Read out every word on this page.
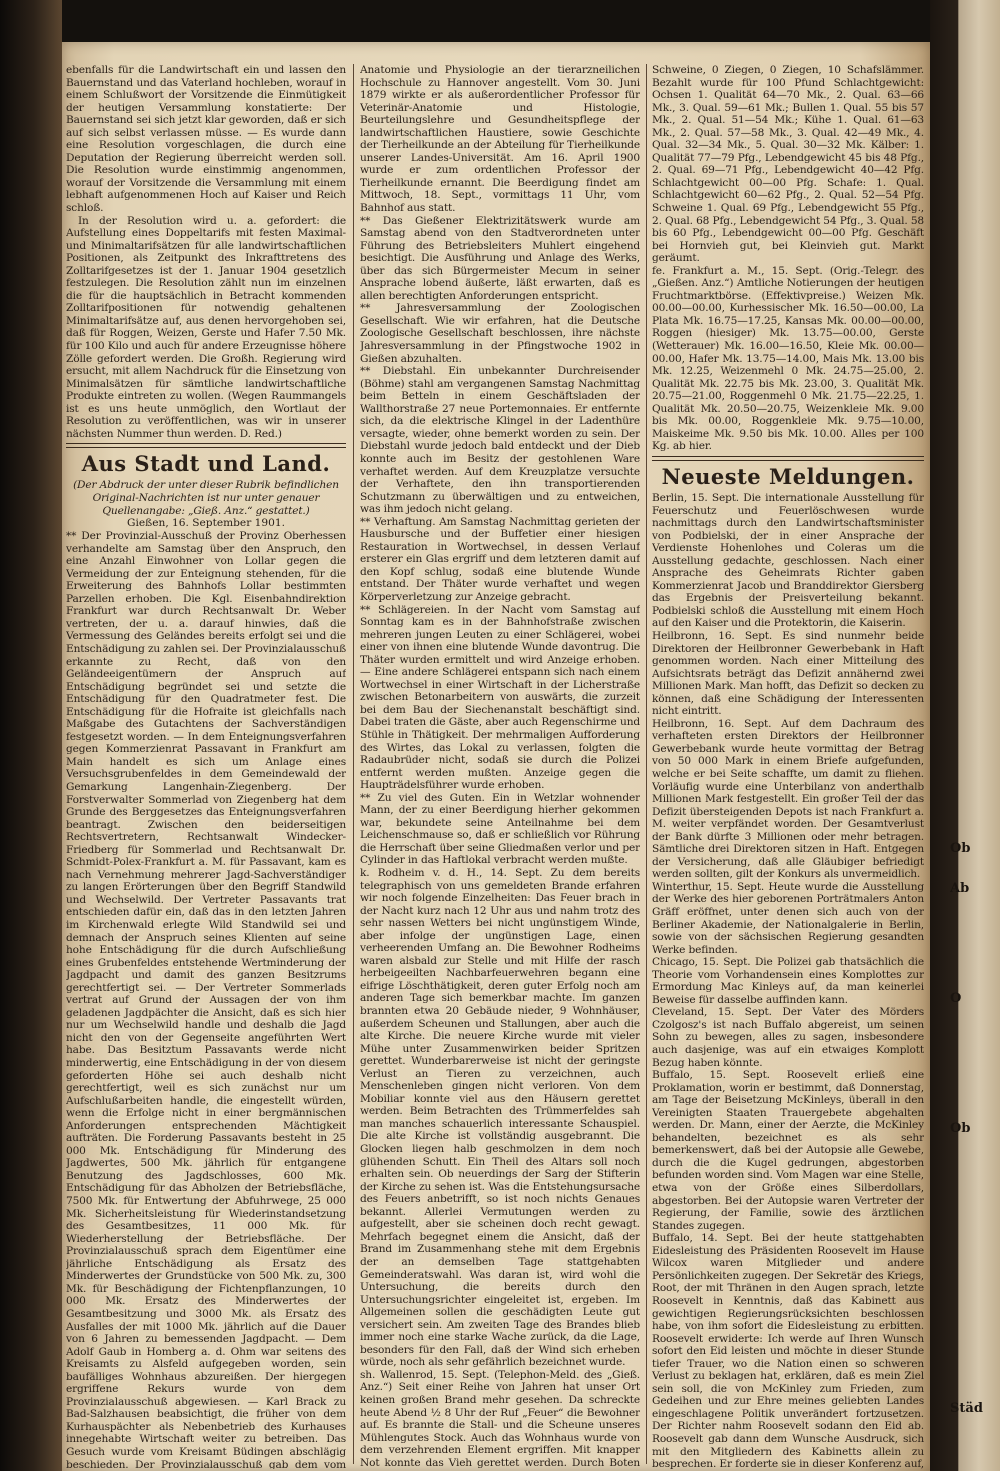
ebenfalls für die Landwirtschaft ein und lassen den Bauernstand und das Vaterland hochleben, worauf in einem Schlußwort der Vorsitzende die Einmütigkeit der heutigen Versammlung konstatierte: Der Bauernstand sei sich jetzt klar geworden, daß er sich auf sich selbst verlassen müsse. — Es wurde dann eine Resolution vorgeschlagen, die durch eine Deputation der Regierung überreicht werden soll. Die Resolution wurde einstimmig angenommen, worauf der Vorsitzende die Versammlung mit einem lebhaft aufgenommenen Hoch auf Kaiser und Reich schloß.

In der Resolution wird u. a. gefordert: die Aufstellung eines Doppeltarifs mit festen Maximal- und Minimaltarifsätzen für alle landwirtschaftlichen Positionen, als Zeitpunkt des Inkrafttretens des Zolltarifgesetzes ist der 1. Januar 1904 gesetzlich festzulegen. Die Resolution zählt nun im einzelnen die für die hauptsächlich in Betracht kommenden Zolltarifpositionen für notwendig gehaltenen Minimaltarifsätze auf, aus denen hervorgehoben sei, daß für Roggen, Weizen, Gerste und Hafer 7.50 Mk. für 100 Kilo und auch für andere Erzeugnisse höhere Zölle gefordert werden. Die Großh. Regierung wird ersucht, mit allem Nachdruck für die Einsetzung von Minimalsätzen für sämtliche landwirtschaftliche Produkte eintreten zu wollen. (Wegen Raummangels ist es uns heute unmöglich, den Wortlaut der Resolution zu veröffentlichen, was wir in unserer nächsten Nummer thun werden. D. Red.)

Aus Stadt und Land.

(Der Abdruck der unter dieser Rubrik befindlichen Original-Nachrichten ist nur unter genauer Quellenangabe: „Gieß. Anz.“ gestattet.)

Gießen, 16. September 1901.

** Der Provinzial-Ausschuß der Provinz Oberhessen verhandelte am Samstag über den Anspruch, den eine Anzahl Einwohner von Lollar gegen die Vermeidung der zur Enteignung stehenden, für die Erweiterung des Bahnhofs Lollar bestimmten Parzellen erhoben. Die Kgl. Eisenbahndirektion Frankfurt war durch Rechtsanwalt Dr. Weber vertreten, der u. a. darauf hinwies, daß die Vermessung des Geländes bereits erfolgt sei und die Entschädigung zu zahlen sei. Der Provinzialausschuß erkannte zu Recht, daß von den Geländeeigentümern der Anspruch auf Entschädigung begründet sei und setzte die Entschädigung für den Quadratmeter fest. Die Entschädigung für die Hofraite ist gleichfalls nach Maßgabe des Gutachtens der Sachverständigen festgesetzt worden. — In dem Enteignungsverfahren gegen Kommerzienrat Passavant in Frankfurt am Main handelt es sich um Anlage eines Versuchsgrubenfeldes in dem Gemeindewald der Gemarkung Langenhain-Ziegenberg. Der Forstverwalter Sommerlad von Ziegenberg hat dem Grunde des Berggesetzes das Enteignungsverfahren beantragt. Zwischen den beiderseitigen Rechtsvertretern, Rechtsanwalt Windecker-Friedberg für Sommerlad und Rechtsanwalt Dr. Schmidt-Polex-Frankfurt a. M. für Passavant, kam es nach Vernehmung mehrerer Jagd-Sachverständiger zu langen Erörterungen über den Begriff Standwild und Wechselwild. Der Vertreter Passavants trat entschieden dafür ein, daß das in den letzten Jahren im Kirchenwald erlegte Wild Standwild sei und demnach der Anspruch seines Klienten auf seine hohe Entschädigung für die durch Aufschließung eines Grubenfeldes entstehende Wertminderung der Jagdpacht und damit des ganzen Besitzrums gerechtfertigt sei. — Der Vertreter Sommerlads vertrat auf Grund der Aussagen der von ihm geladenen Jagdpächter die Ansicht, daß es sich hier nur um Wechselwild handle und deshalb die Jagd nicht den von der Gegenseite angeführten Wert habe. Das Besitztum Passavants werde nicht minderwertig, eine Entschädigung in der von diesem geforderten Höhe sei auch deshalb nicht gerechtfertigt, weil es sich zunächst nur um Aufschlußarbeiten handle, die eingestellt würden, wenn die Erfolge nicht in einer bergmännischen Anforderungen entsprechenden Mächtigkeit aufträten. Die Forderung Passavants besteht in 25 000 Mk. Entschädigung für Minderung des Jagdwertes, 500 Mk. jährlich für entgangene Benutzung des Jagdschlosses, 600 Mk. Entschädigung für das Abholzen der Betriebsfläche, 7500 Mk. für Entwertung der Abfuhrwege, 25 000 Mk. Sicherheitsleistung für Wiederinstandsetzung des Gesamtbesitzes, 11 000 Mk. für Wiederherstellung der Betriebsfläche. Der Provinzialausschuß sprach dem Eigentümer eine jährliche Entschädigung als Ersatz des Minderwertes der Grundstücke von 500 Mk. zu, 300 Mk. für Beschädigung der Fichtenpflanzungen, 10 000 Mk. Ersatz des Minderwertes der Gesamtbesitzung und 3000 Mk. als Ersatz des Ausfalles der mit 1000 Mk. jährlich auf die Dauer von 6 Jahren zu bemessenden Jagdpacht. — Dem Adolf Gaub in Homberg a. d. Ohm war seitens des Kreisamts zu Alsfeld aufgegeben worden, sein baufälliges Wohnhaus abzureißen. Der hiergegen ergriffene Rekurs wurde von dem Provinzialausschuß abgewiesen. — Karl Brack zu Bad-Salzhausen beabsichtigt, die früher von dem Kurhauspächter als Nebenbetrieb des Kurhauses innegehabte Wirtschaft weiter zu betreiben. Das Gesuch wurde vom Kreisamt Büdingen abschlägig beschieden. Der Provinzialausschuß gab dem vom

Anatomie und Physiologie an der tierarzneilichen Hochschule zu Hannover angestellt. Vom 30. Juni 1879 wirkte er als außerordentlicher Professor für Veterinär-Anatomie und Histologie, Beurteilungslehre und Gesundheitspflege der landwirtschaftlichen Haustiere, sowie Geschichte der Tierheilkunde an der Abteilung für Tierheilkunde unserer Landes-Universität. Am 16. April 1900 wurde er zum ordentlichen Professor der Tierheilkunde ernannt. Die Beerdigung findet am Mittwoch, 18. Sept., vormittags 11 Uhr, vom Bahnhof aus statt.

** Das Gießener Elektrizitätswerk wurde am Samstag abend von den Stadtverordneten unter Führung des Betriebsleiters Muhlert eingehend besichtigt. Die Ausführung und Anlage des Werks, über das sich Bürgermeister Mecum in seiner Ansprache lobend äußerte, läßt erwarten, daß es allen berechtigten Anforderungen entspricht.

** Jahresversammlung der Zoologischen Gesellschaft. Wie wir erfahren, hat die Deutsche Zoologische Gesellschaft beschlossen, ihre nächste Jahresversammlung in der Pfingstwoche 1902 in Gießen abzuhalten.

** Diebstahl. Ein unbekannter Durchreisender (Böhme) stahl am vergangenen Samstag Nachmittag beim Betteln in einem Geschäftsladen der Wallthorstraße 27 neue Portemonnaies. Er entfernte sich, da die elektrische Klingel in der Ladenthüre versagte, wieder, ohne bemerkt worden zu sein. Der Diebstahl wurde jedoch bald entdeckt und der Dieb konnte auch im Besitz der gestohlenen Ware verhaftet werden. Auf dem Kreuzplatze versuchte der Verhaftete, den ihn transportierenden Schutzmann zu überwältigen und zu entweichen, was ihm jedoch nicht gelang.

** Verhaftung. Am Samstag Nachmittag gerieten der Hausbursche und der Buffetier einer hiesigen Restauration in Wortwechsel, in dessen Verlauf ersterer ein Glas ergriff und dem letzteren damit auf den Kopf schlug, sodaß eine blutende Wunde entstand. Der Thäter wurde verhaftet und wegen Körperverletzung zur Anzeige gebracht.

** Schlägereien. In der Nacht vom Samstag auf Sonntag kam es in der Bahnhofstraße zwischen mehreren jungen Leuten zu einer Schlägerei, wobei einer von ihnen eine blutende Wunde davontrug. Die Thäter wurden ermittelt und wird Anzeige erhoben. — Eine andere Schlägerei entspann sich nach einem Wortwechsel in einer Wirtschaft in der Licherstraße zwischen Betonarbeitern von auswärts, die zurzeit bei dem Bau der Siechenanstalt beschäftigt sind. Dabei traten die Gäste, aber auch Regenschirme und Stühle in Thätigkeit. Der mehrmaligen Aufforderung des Wirtes, das Lokal zu verlassen, folgten die Radaubrüder nicht, sodaß sie durch die Polizei entfernt werden mußten. Anzeige gegen die Haupträdelsführer wurde erhoben.

** Zu viel des Guten. Ein in Wetzlar wohnender Mann, der zu einer Beerdigung hierher gekommen war, bekundete seine Anteilnahme bei dem Leichenschmause so, daß er schließlich vor Rührung die Herrschaft über seine Gliedmaßen verlor und per Cylinder in das Haftlokal verbracht werden mußte.

k. Rodheim v. d. H., 14. Sept. Zu dem bereits telegraphisch von uns gemeldeten Brande erfahren wir noch folgende Einzelheiten: Das Feuer brach in der Nacht kurz nach 12 Uhr aus und nahm trotz des sehr nassen Wetters bei nicht ungünstigem Winde, aber infolge der ungünstigen Lage, einen verheerenden Umfang an. Die Bewohner Rodheims waren alsbald zur Stelle und mit Hilfe der rasch herbeigeeilten Nachbarfeuerwehren begann eine eifrige Löschthätigkeit, deren guter Erfolg noch am anderen Tage sich bemerkbar machte. Im ganzen brannten etwa 20 Gebäude nieder, 9 Wohnhäuser, außerdem Scheunen und Stallungen, aber auch die alte Kirche. Die neuere Kirche wurde mit vieler Mühe unter Zusammenwirken beider Spritzen gerettet. Wunderbarerweise ist nicht der geringste Verlust an Tieren zu verzeichnen, auch Menschenleben gingen nicht verloren. Von dem Mobiliar konnte viel aus den Häusern gerettet werden. Beim Betrachten des Trümmerfeldes sah man manches schauerlich interessante Schauspiel. Die alte Kirche ist vollständig ausgebrannt. Die Glocken liegen halb geschmolzen in dem noch glühenden Schutt. Ein Theil des Altars soll noch erhalten sein. Ob neuerdings der Sarg der Stifterin der Kirche zu sehen ist. Was die Entstehungsursache des Feuers anbetrifft, so ist noch nichts Genaues bekannt. Allerlei Vermutungen werden zu aufgestellt, aber sie scheinen doch recht gewagt. Mehrfach begegnet einem die Ansicht, daß der Brand im Zusammenhang stehe mit dem Ergebnis der an demselben Tage stattgehabten Gemeinderatswahl. Was daran ist, wird wohl die Untersuchung, die bereits durch den Untersuchungsrichter eingeleitet ist, ergeben. Im Allgemeinen sollen die geschädigten Leute gut versichert sein. Am zweiten Tage des Brandes blieb immer noch eine starke Wache zurück, da die Lage, besonders für den Fall, daß der Wind sich erheben würde, noch als sehr gefährlich bezeichnet wurde.

sh. Wallenrod, 15. Sept. (Telephon-Meld. des „Gieß. Anz.“) Seit einer Reihe von Jahren hat unser Ort keinen großen Brand mehr gesehen. Da schreckte heute Abend ½ 8 Uhr der Ruf „Feuer“ die Bewohner auf. Es brannte die Stall- und die Scheune unseres Mühlengutes Stock. Auch das Wohnhaus wurde von dem verzehrenden Element ergriffen. Mit knapper Not konnte das Vieh gerettet werden. Durch Boten

Schweine, 0 Ziegen, 0 Ziegen, 10 Schafslämmer. Bezahlt wurde für 100 Pfund Schlachtgewicht: Ochsen 1. Qualität 64—70 Mk., 2. Qual. 63—66 Mk., 3. Qual. 59—61 Mk.; Bullen 1. Qual. 55 bis 57 Mk., 2. Qual. 51—54 Mk.; Kühe 1. Qual. 61—63 Mk., 2. Qual. 57—58 Mk., 3. Qual. 42—49 Mk., 4. Qual. 32—34 Mk., 5. Qual. 30—32 Mk. Kälber: 1. Qualität 77—79 Pfg., Lebendgewicht 45 bis 48 Pfg., 2. Qual. 69—71 Pfg., Lebendgewicht 40—42 Pfg. Schlachtgewicht 00—00 Pfg. Schafe: 1. Qual. Schlachtgewicht 60—62 Pfg., 2. Qual. 52—54 Pfg. Schweine 1. Qual. 69 Pfg., Lebendgewicht 55 Pfg., 2. Qual. 68 Pfg., Lebendgewicht 54 Pfg., 3. Qual. 58 bis 60 Pfg., Lebendgewicht 00—00 Pfg. Geschäft bei Hornvieh gut, bei Kleinvieh gut. Markt geräumt.

fe. Frankfurt a. M., 15. Sept. (Orig.-Telegr. des „Gießen. Anz.“) Amtliche Notierungen der heutigen Fruchtmarktbörse. (Effektivpreise.) Weizen Mk. 00.00—00.00, Kurhessischer Mk. 16.50—00.00, La Plata Mk. 16.75—17.25, Kansas Mk. 00.00—00.00, Roggen (hiesiger) Mk. 13.75—00.00, Gerste (Wetterauer) Mk. 16.00—16.50, Kleie Mk. 00.00—00.00, Hafer Mk. 13.75—14.00, Mais Mk. 13.00 bis Mk. 12.25, Weizenmehl 0 Mk. 24.75—25.00, 2. Qualität Mk. 22.75 bis Mk. 23.00, 3. Qualität Mk. 20.75—21.00, Roggenmehl 0 Mk. 21.75—22.25, 1. Qualität Mk. 20.50—20.75, Weizenkleie Mk. 9.00 bis Mk. 00.00, Roggenkleie Mk. 9.75—10.00, Maiskeime Mk. 9.50 bis Mk. 10.00. Alles per 100 Kg. ab hier.

Neueste Meldungen.

Berlin, 15. Sept. Die internationale Ausstellung für Feuerschutz und Feuerlöschwesen wurde nachmittags durch den Landwirtschaftsminister von Podbielski, der in einer Ansprache der Verdienste Hohenlohes und Coleras um die Ausstellung gedachte, geschlossen. Nach einer Ansprache des Geheimrats Richter gaben Kommerzienrat Jacob und Branddirektor Giersberg das Ergebnis der Preisverteilung bekannt. Podbielski schloß die Ausstellung mit einem Hoch auf den Kaiser und die Protektorin, die Kaiserin.

Heilbronn, 16. Sept. Es sind nunmehr beide Direktoren der Heilbronner Gewerbebank in Haft genommen worden. Nach einer Mitteilung des Aufsichtsrats beträgt das Defizit annähernd zwei Millionen Mark. Man hofft, das Defizit so decken zu können, daß eine Schädigung der Interessenten nicht eintritt.

Heilbronn, 16. Sept. Auf dem Dachraum des verhafteten ersten Direktors der Heilbronner Gewerbebank wurde heute vormittag der Betrag von 50 000 Mark in einem Briefe aufgefunden, welche er bei Seite schaffte, um damit zu fliehen. Vorläufig wurde eine Unterbilanz von anderthalb Millionen Mark festgestellt. Ein großer Teil der das Defizit übersteigenden Depots ist nach Frankfurt a. M. weiter verpfändet worden. Der Gesamtverlust der Bank dürfte 3 Millionen oder mehr betragen. Sämtliche drei Direktoren sitzen in Haft. Entgegen der Versicherung, daß alle Gläubiger befriedigt werden sollten, gilt der Konkurs als unvermeidlich.

Winterthur, 15. Sept. Heute wurde die Ausstellung der Werke des hier geborenen Porträtmalers Anton Gräff eröffnet, unter denen sich auch von der Berliner Akademie, der Nationalgalerie in Berlin, sowie von der sächsischen Regierung gesandten Werke befinden.

Chicago, 15. Sept. Die Polizei gab thatsächlich die Theorie vom Vorhandensein eines Komplottes zur Ermordung Mac Kinleys auf, da man keinerlei Beweise für dasselbe auffinden kann.

Cleveland, 15. Sept. Der Vater des Mörders Czolgosz's ist nach Buffalo abgereist, um seinen Sohn zu bewegen, alles zu sagen, insbesondere auch dasjenige, was auf ein etwaiges Komplott Bezug haben könnte.

Buffalo, 15. Sept. Roosevelt erließ eine Proklamation, worin er bestimmt, daß Donnerstag, am Tage der Beisetzung McKinleys, überall in den Vereinigten Staaten Trauergebete abgehalten werden. Dr. Mann, einer der Aerzte, die McKinley behandelten, bezeichnet es als sehr bemerkenswert, daß bei der Autopsie alle Gewebe, durch die die Kugel gedrungen, abgestorben befunden worden sind. Vom Magen war eine Stelle, etwa von der Größe eines Silberdollars, abgestorben. Bei der Autopsie waren Vertreter der Regierung, der Familie, sowie des ärztlichen Standes zugegen.

Buffalo, 14. Sept. Bei der heute stattgehabten Eidesleistung des Präsidenten Roosevelt im Hause Wilcox waren Mitglieder und andere Persönlichkeiten zugegen. Der Sekretär des Kriegs, Root, der mit Thränen in den Augen sprach, letzte Roosevelt in Kenntnis, daß das Kabinett aus gewichtigen Regierungsrücksichten beschlossen habe, von ihm sofort die Eidesleistung zu erbitten. Roosevelt erwiderte: Ich werde auf Ihren Wunsch sofort den Eid leisten und möchte in dieser Stunde tiefer Trauer, wo die Nation einen so schweren Verlust zu beklagen hat, erklären, daß es mein Ziel sein soll, die von McKinley zum Frieden, zum Gedeihen und zur Ehre meines geliebten Landes eingeschlagene Politik unverändert fortzusetzen. Der Richter nahm Roosevelt sodann den Eid ab. Roosevelt gab dann dem Wunsche Ausdruck, sich mit den Mitgliedern des Kabinetts allein zu besprechen. Er forderte sie in dieser Konferenz auf,

Ob
Ab
O
Ob
Städ
